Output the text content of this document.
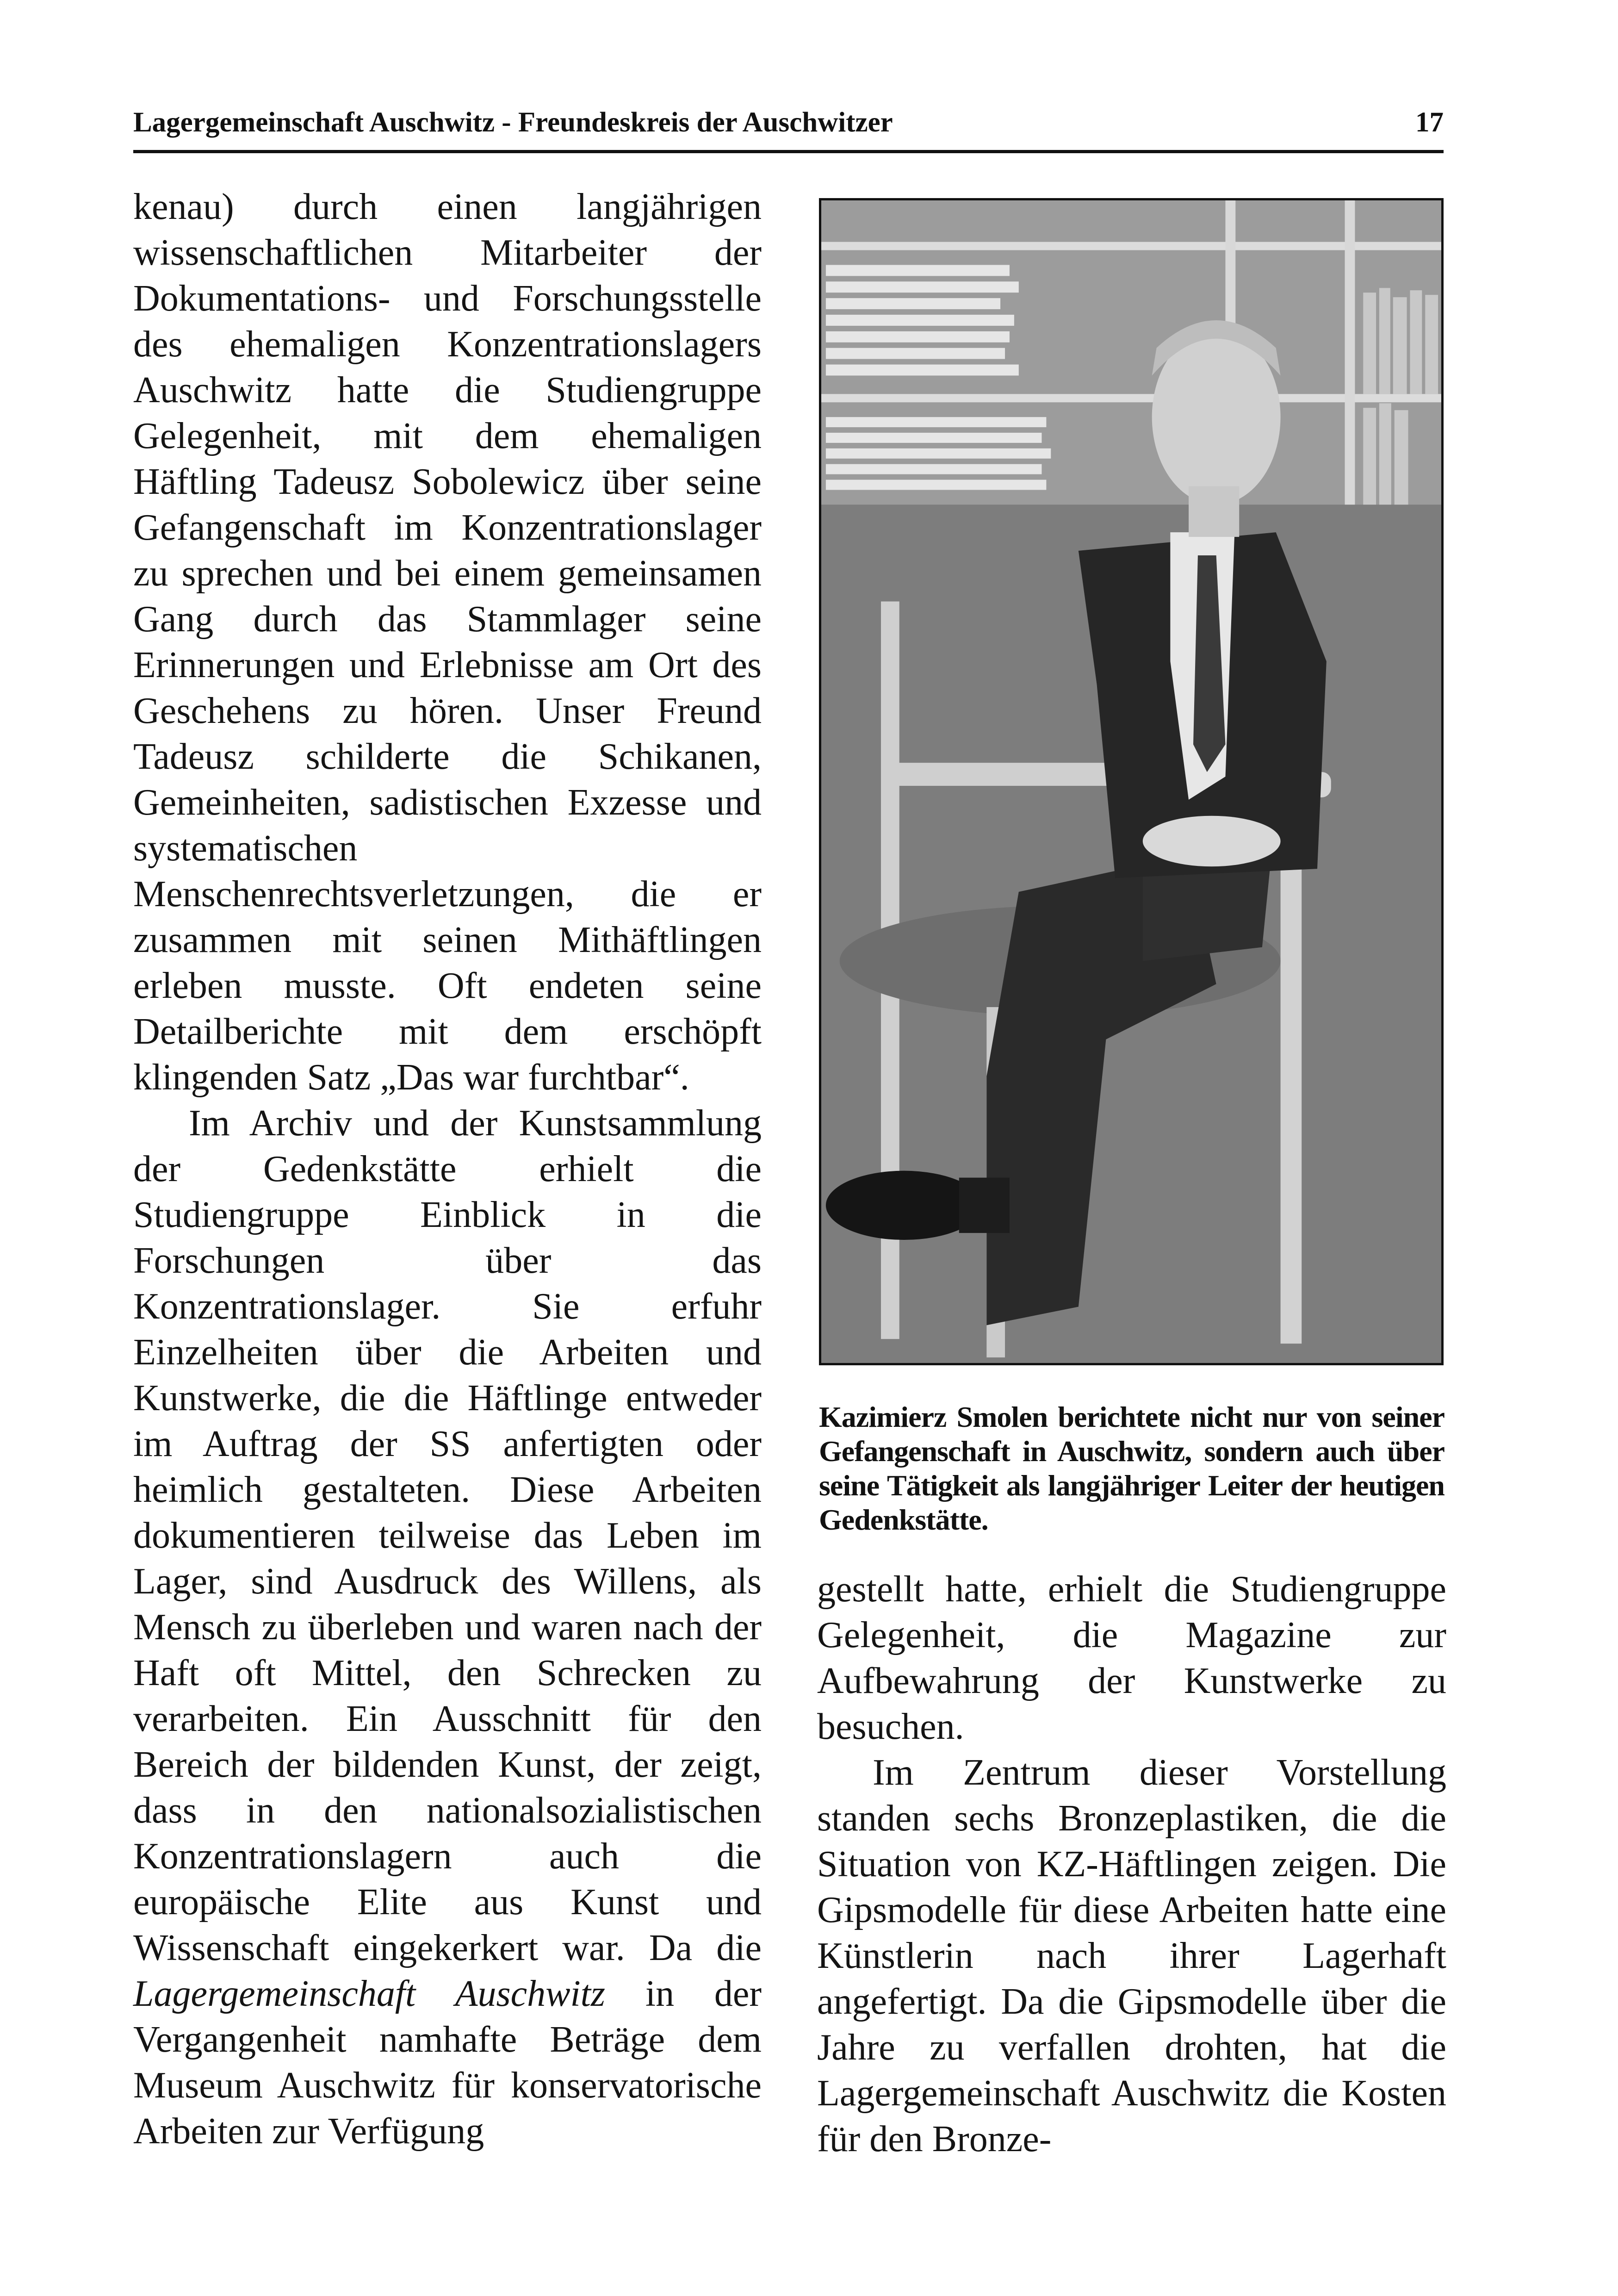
Lagergemeinschaft Auschwitz - Freundeskreis der Auschwitzer	17

kenau) durch einen langjährigen wissenschaftlichen Mitarbeiter der Dokumentations- und Forschungsstelle des ehemaligen Konzentrationslagers Auschwitz hatte die Studiengruppe Gelegenheit, mit dem ehemaligen Häftling Tadeusz Sobolewicz über seine Gefangenschaft im Konzentrationslager zu sprechen und bei einem gemeinsamen Gang durch das Stammlager seine Erinnerungen und Erlebnisse am Ort des Geschehens zu hören. Unser Freund Tadeusz schilderte die Schikanen, Gemeinheiten, sadistischen Exzesse und systematischen Menschenrechtsverletzungen, die er zusammen mit seinen Mithäftlingen erleben musste. Oft endeten seine Detailberichte mit dem erschöpft klingenden Satz „Das war furchtbar“.

Im Archiv und der Kunstsammlung der Gedenkstätte erhielt die Studiengruppe Einblick in die Forschungen über das Konzentrationslager. Sie erfuhr Einzelheiten über die Arbeiten und Kunstwerke, die die Häftlinge entweder im Auftrag der SS anfertigten oder heimlich gestalteten. Diese Arbeiten dokumentieren teilweise das Leben im Lager, sind Ausdruck des Willens, als Mensch zu überleben und waren nach der Haft oft Mittel, den Schrecken zu verarbeiten. Ein Ausschnitt für den Bereich der bildenden Kunst, der zeigt, dass in den nationalsozialistischen Konzentrationslagern auch die europäische Elite aus Kunst und Wissenschaft eingekerkert war. Da die Lagergemeinschaft Auschwitz in der Vergangenheit namhafte Beträge dem Museum Auschwitz für konservatorische Arbeiten zur Verfügung

Kazimierz Smolen berichtete nicht nur von seiner Gefangenschaft in Auschwitz, sondern auch über seine Tätigkeit als langjähriger Leiter der heutigen Gedenkstätte.

gestellt hatte, erhielt die Studiengruppe Gelegenheit, die Magazine zur Aufbewahrung der Kunstwerke zu besuchen.

Im Zentrum dieser Vorstellung standen sechs Bronzeplastiken, die die Situation von KZ-Häftlingen zeigen. Die Gipsmodelle für diese Arbeiten hatte eine Künstlerin nach ihrer Lagerhaft angefertigt. Da die Gipsmodelle über die Jahre zu verfallen drohten, hat die Lagergemeinschaft Auschwitz die Kosten für den Bronze-
